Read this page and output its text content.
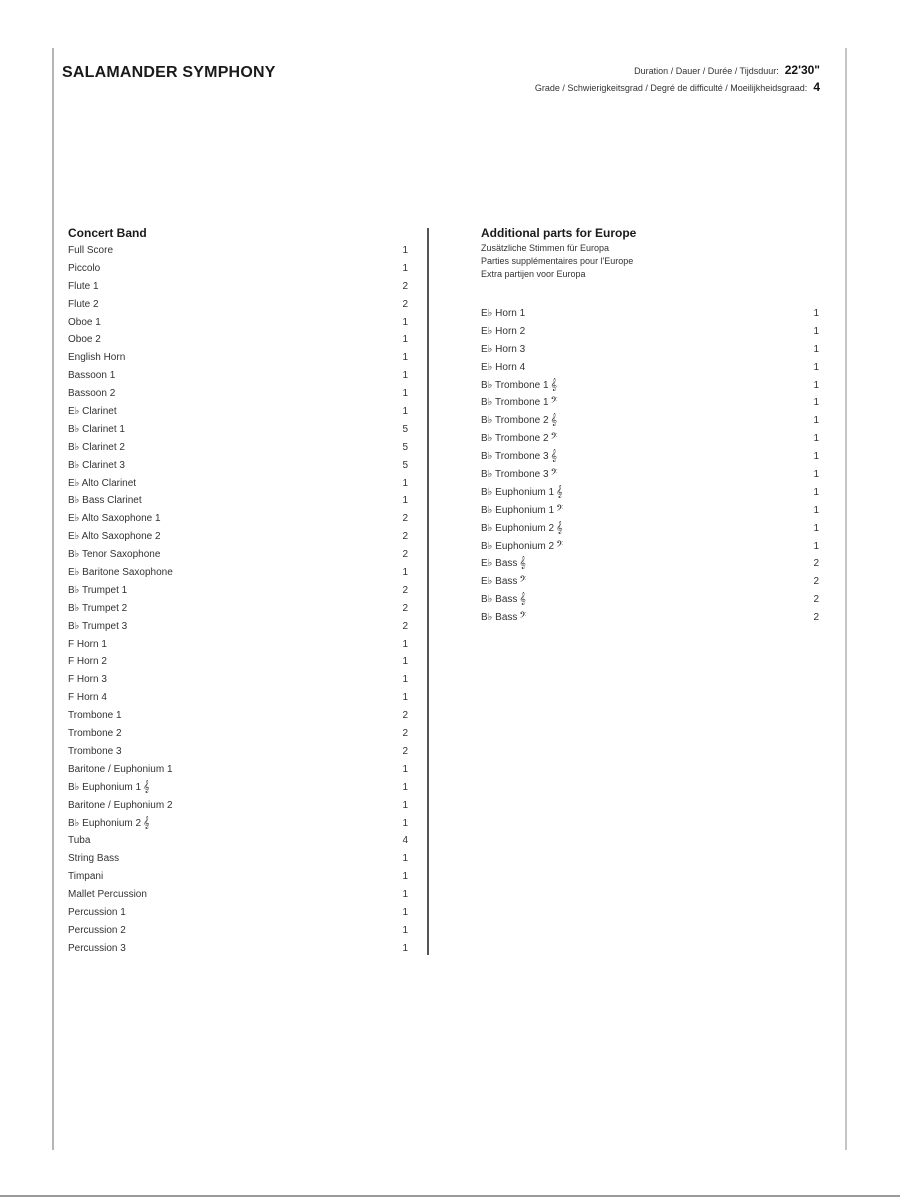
SALAMANDER SYMPHONY	Duration / Dauer / Durée / Tijdsduur: 22'30"
Grade / Schwierigkeitsgrad / Degré de difficulté / Moeilijkheidsgraad: 4
Concert Band
Full Score	1
Piccolo	1
Flute 1	2
Flute 2	2
Oboe 1	1
Oboe 2	1
English Horn	1
Bassoon 1	1
Bassoon 2	1
E♭ Clarinet	1
B♭ Clarinet 1	5
B♭ Clarinet 2	5
B♭ Clarinet 3	5
E♭ Alto Clarinet	1
B♭ Bass Clarinet	1
E♭ Alto Saxophone 1	2
E♭ Alto Saxophone 2	2
B♭ Tenor Saxophone	2
E♭ Baritone Saxophone	1
B♭ Trumpet 1	2
B♭ Trumpet 2	2
B♭ Trumpet 3	2
F Horn 1	1
F Horn 2	1
F Horn 3	1
F Horn 4	1
Trombone 1	2
Trombone 2	2
Trombone 3	2
Baritone / Euphonium 1	1
B♭ Euphonium 1 𝄞	1
Baritone / Euphonium 2	1
B♭ Euphonium 2 𝄞	1
Tuba	4
String Bass	1
Timpani	1
Mallet Percussion	1
Percussion 1	1
Percussion 2	1
Percussion 3	1
Additional parts for Europe
Zusätzliche Stimmen für Europa
Parties supplémentaires pour l'Europe
Extra partijen voor Europa
E♭ Horn 1	1
E♭ Horn 2	1
E♭ Horn 3	1
E♭ Horn 4	1
B♭ Trombone 1 𝄞	1
B♭ Trombone 1 𝄢	1
B♭ Trombone 2 𝄞	1
B♭ Trombone 2 𝄢	1
B♭ Trombone 3 𝄞	1
B♭ Trombone 3 𝄢	1
B♭ Euphonium 1 𝄞	1
B♭ Euphonium 1 𝄢	1
B♭ Euphonium 2 𝄞	1
B♭ Euphonium 2 𝄢	1
E♭ Bass 𝄞	2
E♭ Bass 𝄢	2
B♭ Bass 𝄞	2
B♭ Bass 𝄢	2
